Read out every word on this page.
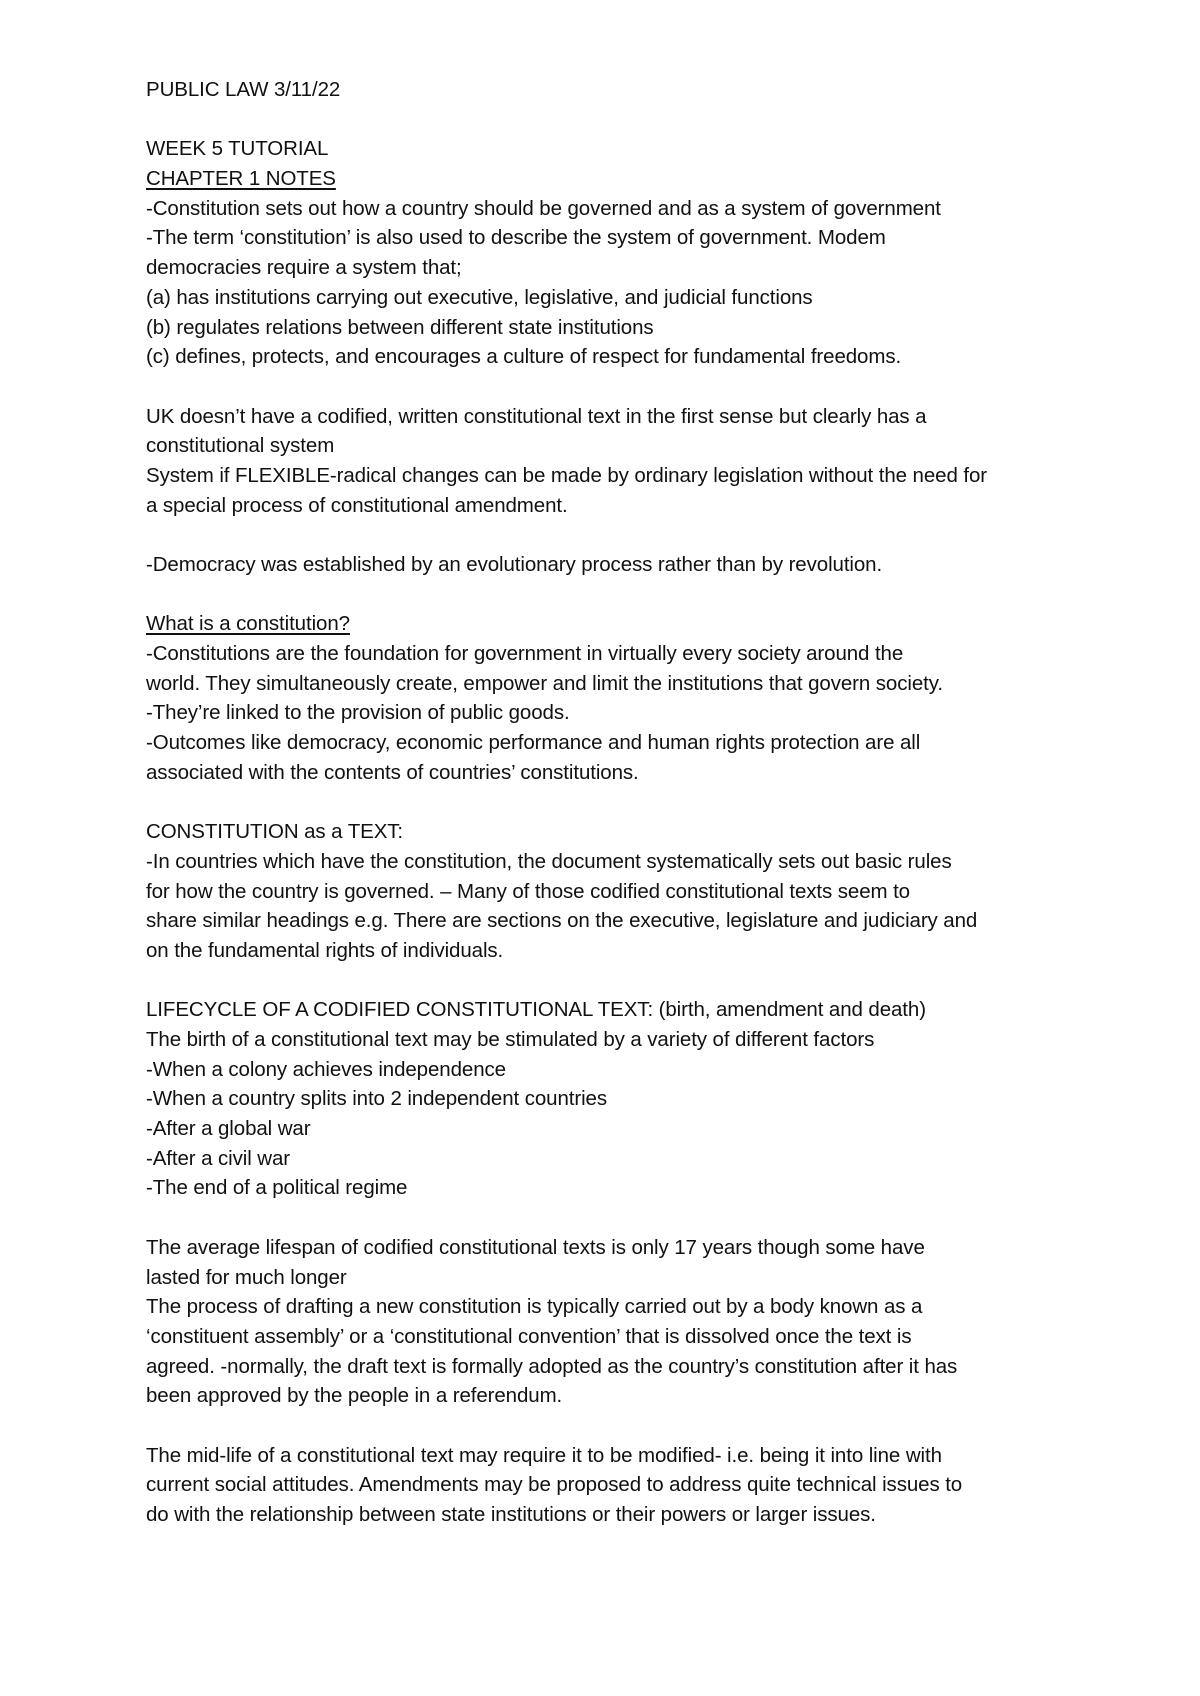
PUBLIC LAW 3/11/22
WEEK 5 TUTORIAL
CHAPTER 1 NOTES
-Constitution sets out how a country should be governed and as a system of government
-The term ‘constitution’ is also used to describe the system of government. Modem
democracies require a system that;
(a) has institutions carrying out executive, legislative, and judicial functions
(b) regulates relations between different state institutions
(c) defines, protects, and encourages a culture of respect for fundamental freedoms.
UK doesn’t have a codified, written constitutional text in the first sense but clearly has a
constitutional system
System if FLEXIBLE-radical changes can be made by ordinary legislation without the need for
a special process of constitutional amendment.
-Democracy was established by an evolutionary process rather than by revolution.
What is a constitution?
-Constitutions are the foundation for government in virtually every society around the
world. They simultaneously create, empower and limit the institutions that govern society.
-They’re linked to the provision of public goods.
-Outcomes like democracy, economic performance and human rights protection are all
associated with the contents of countries’ constitutions.
CONSTITUTION as a TEXT:
-In countries which have the constitution, the document systematically sets out basic rules
for how the country is governed. – Many of those codified constitutional texts seem to
share similar headings e.g. There are sections on the executive, legislature and judiciary and
on the fundamental rights of individuals.
LIFECYCLE OF A CODIFIED CONSTITUTIONAL TEXT: (birth, amendment and death)
The birth of a constitutional text may be stimulated by a variety of different factors
-When a colony achieves independence
-When a country splits into 2 independent countries
-After a global war
-After a civil war
-The end of a political regime
The average lifespan of codified constitutional texts is only 17 years though some have
lasted for much longer
The process of drafting a new constitution is typically carried out by a body known as a
‘constituent assembly’ or a ‘constitutional convention’ that is dissolved once the text is
agreed. -normally, the draft text is formally adopted as the country’s constitution after it has
been approved by the people in a referendum.
The mid-life of a constitutional text may require it to be modified- i.e. being it into line with
current social attitudes. Amendments may be proposed to address quite technical issues to
do with the relationship between state institutions or their powers or larger issues.
